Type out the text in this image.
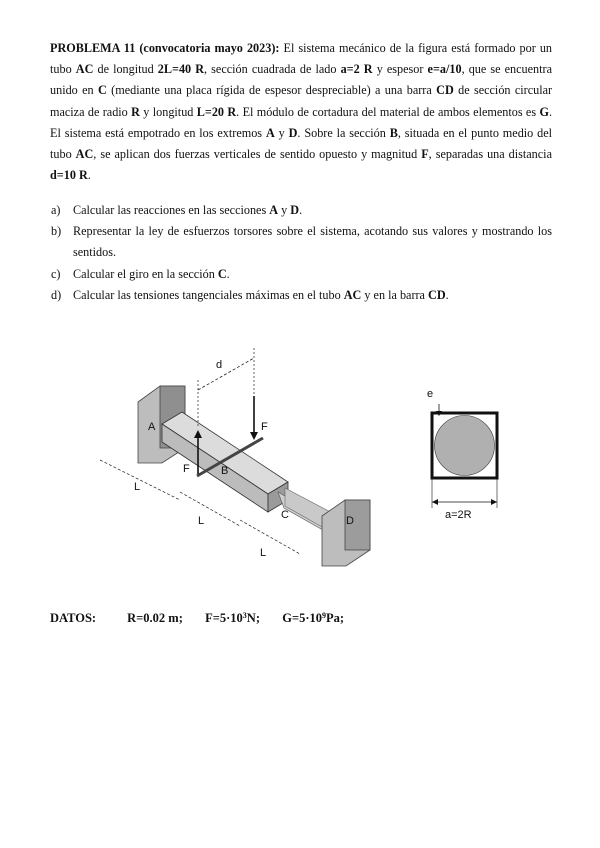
PROBLEMA 11 (convocatoria mayo 2023): El sistema mecánico de la figura está formado por un tubo AC de longitud 2L=40 R, sección cuadrada de lado a=2 R y espesor e=a/10, que se encuentra unido en C (mediante una placa rígida de espesor despreciable) a una barra CD de sección circular maciza de radio R y longitud L=20 R. El módulo de cortadura del material de ambos elementos es G. El sistema está empotrado en los extremos A y D. Sobre la sección B, situada en el punto medio del tubo AC, se aplican dos fuerzas verticales de sentido opuesto y magnitud F, separadas una distancia d=10 R.
a)	Calcular las reacciones en las secciones A y D.
b) Representar la ley de esfuerzos torsores sobre el sistema, acotando sus valores y mostrando los sentidos.
c)	Calcular el giro en la sección C.
d) Calcular las tensiones tangenciales máximas en el tubo AC y en la barra CD.
d
F
F
A
B
C	D
L
L
L
e
a=2R
DATOS: R=0.02 m; $F=5\cdot 10^3N$; $G=5\cdot 10^9Pa$;
